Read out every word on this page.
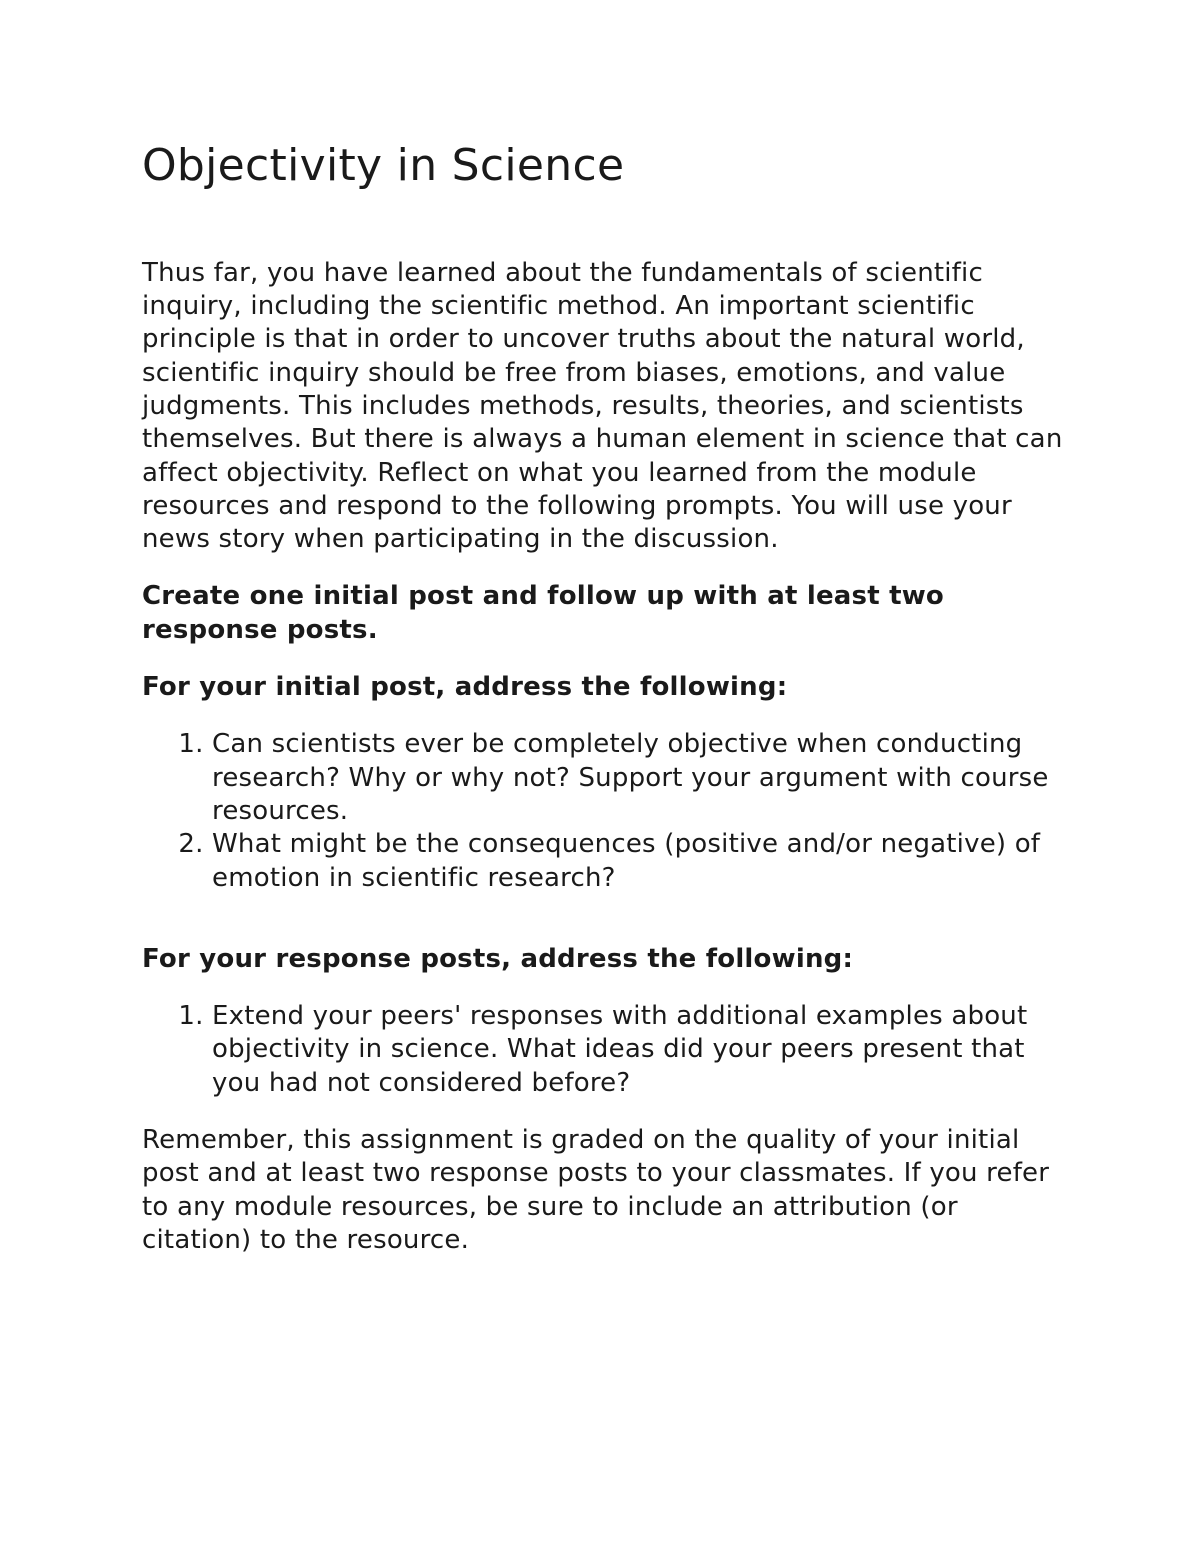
Objectivity in Science

Thus far, you have learned about the fundamentals of scientific inquiry, including the scientific method. An important scientific principle is that in order to uncover truths about the natural world, scientific inquiry should be free from biases, emotions, and value judgments. This includes methods, results, theories, and scientists themselves. But there is always a human element in science that can affect objectivity. Reflect on what you learned from the module resources and respond to the following prompts. You will use your news story when participating in the discussion.

Create one initial post and follow up with at least two response posts.
For your initial post, address the following:
1. Can scientists ever be completely objective when conducting research? Why or why not? Support your argument with course resources.
2. What might be the consequences (positive and/or negative) of emotion in scientific research?
For your response posts, address the following:
1. Extend your peers' responses with additional examples about objectivity in science. What ideas did your peers present that you had not considered before?

Remember, this assignment is graded on the quality of your initial post and at least two response posts to your classmates. If you refer to any module resources, be sure to include an attribution (or citation) to the resource.
